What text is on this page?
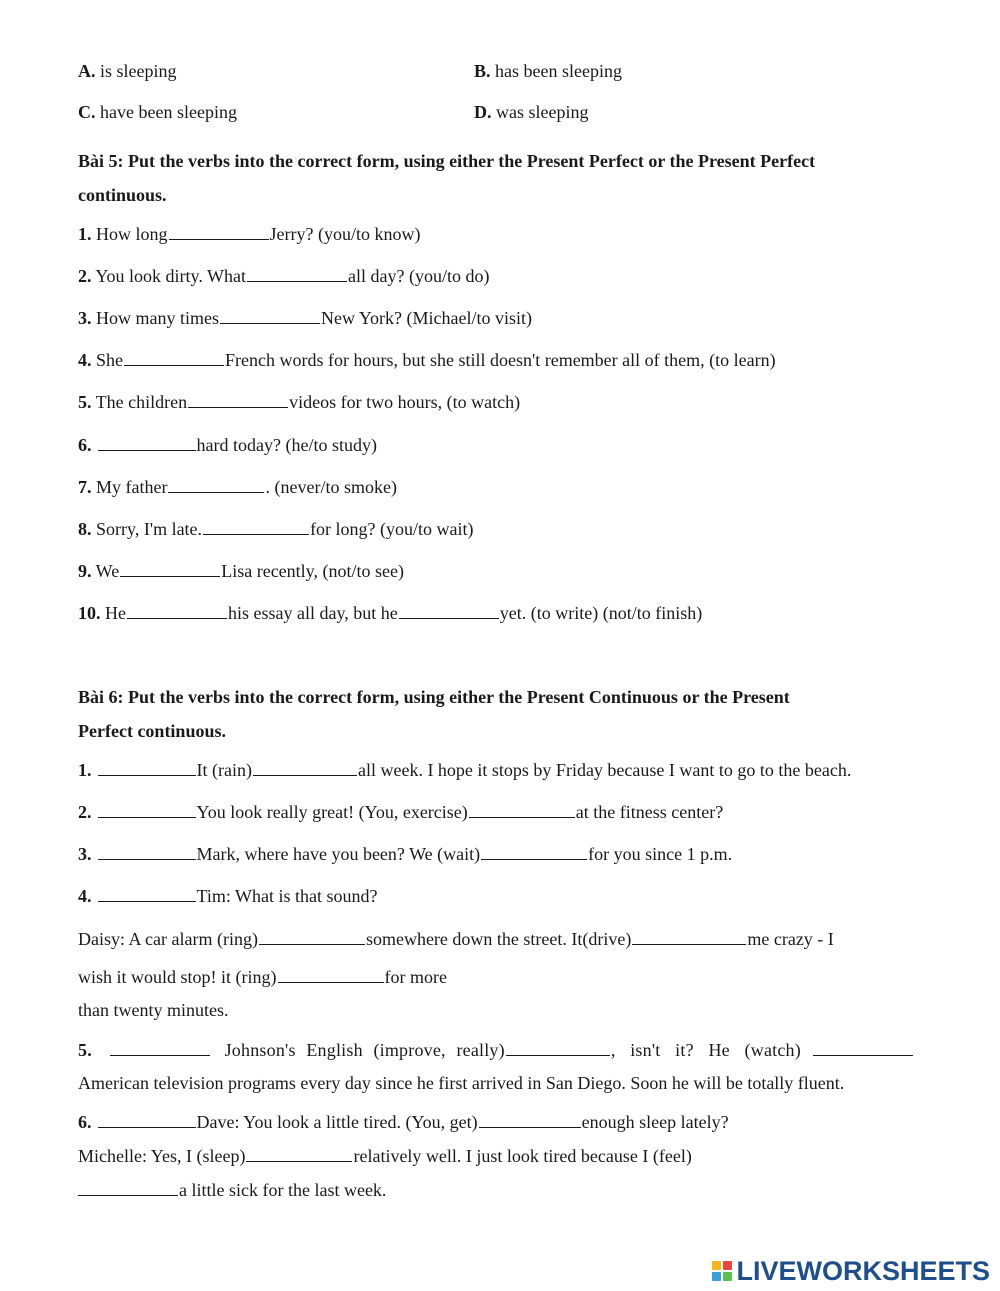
A. is sleeping	B. has been sleeping
C. have been sleeping	D. was sleeping
Bài 5: Put the verbs into the correct form, using either the Present Perfect or the Present Perfect
continuous.
1. How long	Jerry? (you/to know)
2. You look dirty. What	all day? (you/to do)
3. How many times	New York? (Michael/to visit)
4. She	French words for hours, but she still doesn't remember all of them, (to learn)
5. The children	videos for two hours, (to watch)
6.	hard today? (he/to study)
7. My father	. (never/to smoke)
8. Sorry, I'm late.	for long? (you/to wait)
9. We	Lisa recently, (not/to see)
10. He	his essay all day, but he	yet. (to write) (not/to finish)
Bài 6: Put the verbs into the correct form, using either the Present Continuous or the Present
Perfect continuous.
1.	It (rain)	all week. I hope it stops by Friday because I want to go to the beach.
2.	You look really great! (You, exercise)	at the fitness center?
3.	Mark, where have you been? We (wait)	for you since 1 p.m.
4.	Tim: What is that sound?
Daisy: A car alarm (ring)	somewhere down the street. It(drive)	me crazy - I
wish it would stop! it (ring)	for more
than twenty minutes.
5.	Johnson's English (improve, really)	, isn't it? He (watch)
American television programs every day since he first arrived in San Diego. Soon he will be totally fluent.
6.	Dave: You look a little tired. (You, get)	enough sleep lately?
Michelle: Yes, I (sleep)	relatively well. I just look tired because I (feel)
a little sick for the last week.
LIVEWORKSHEETS
